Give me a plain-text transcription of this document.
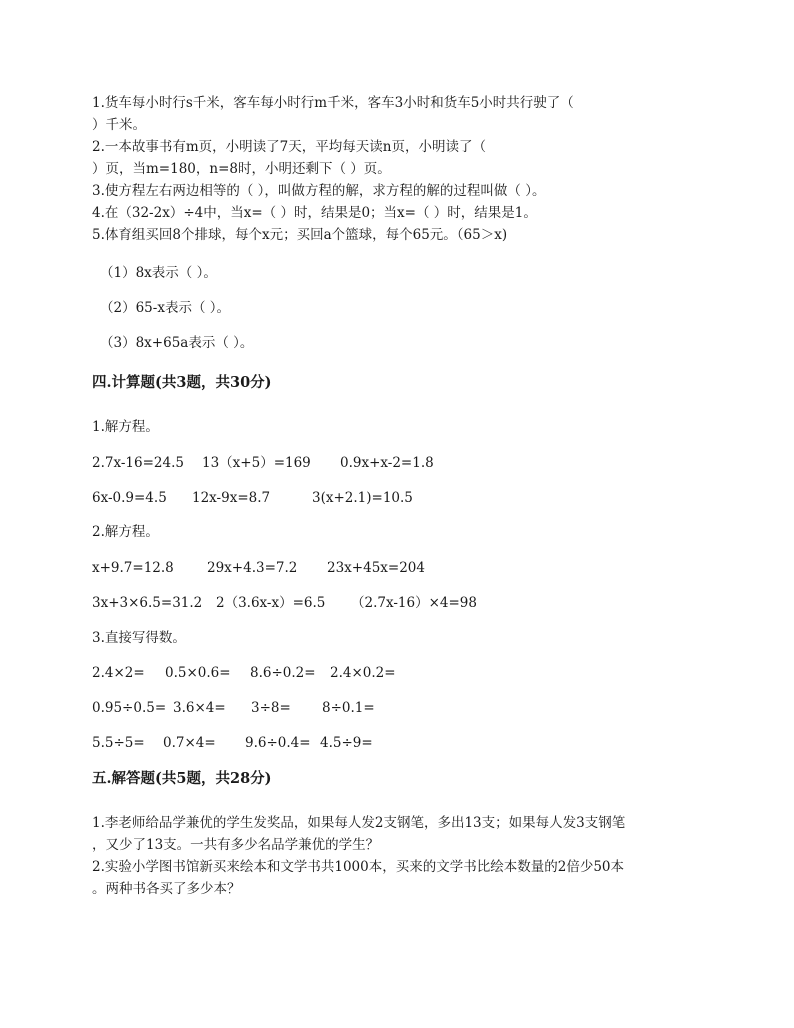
1.货车每小时行s千米，客车每小时行m千米，客车3小时和货车5小时共行驶了（
）千米。
2.一本故事书有m页，小明读了7天，平均每天读n页，小明读了（
）页，当m=180，n=8时，小明还剩下（ ）页。
3.使方程左右两边相等的（ ），叫做方程的解，求方程的解的过程叫做（ ）。
4.在（32-2x）÷4中，当x=（ ）时，结果是0；当x=（ ）时，结果是1。
5.体育组买回8个排球，每个x元；买回a个篮球，每个65元。（65＞x)
（1）8x表示（ ）。
（2）65-x表示（ ）。
（3）8x+65a表示（ ）。
四.计算题(共3题，共30分)
1.解方程。
2.7x-16=24.5 13（x+5）=169 0.9x+x-2=1.8
6x-0.9=4.5 12x-9x=8.7	3(x+2.1)=10.5
2.解方程。
x+9.7=12.8 29x+4.3=7.2 23x+45x=204
3x+3×6.5=31.2 2（3.6x-x）=6.5 （2.7x-16）×4=98
3.直接写得数。
2.4×2= 0.5×0.6= 8.6÷0.2= 2.4×0.2=
0.95÷0.5= 3.6×4= 3÷8= 8÷0.1=
5.5÷5= 0.7×4= 9.6÷0.4= 4.5÷9=
五.解答题(共5题，共28分)
1.李老师给品学兼优的学生发奖品，如果每人发2支钢笔，多出13支；如果每人发3支钢笔
，又少了13支。一共有多少名品学兼优的学生？
2.实验小学图书馆新买来绘本和文学书共1000本，买来的文学书比绘本数量的2倍少50本
。两种书各买了多少本？
